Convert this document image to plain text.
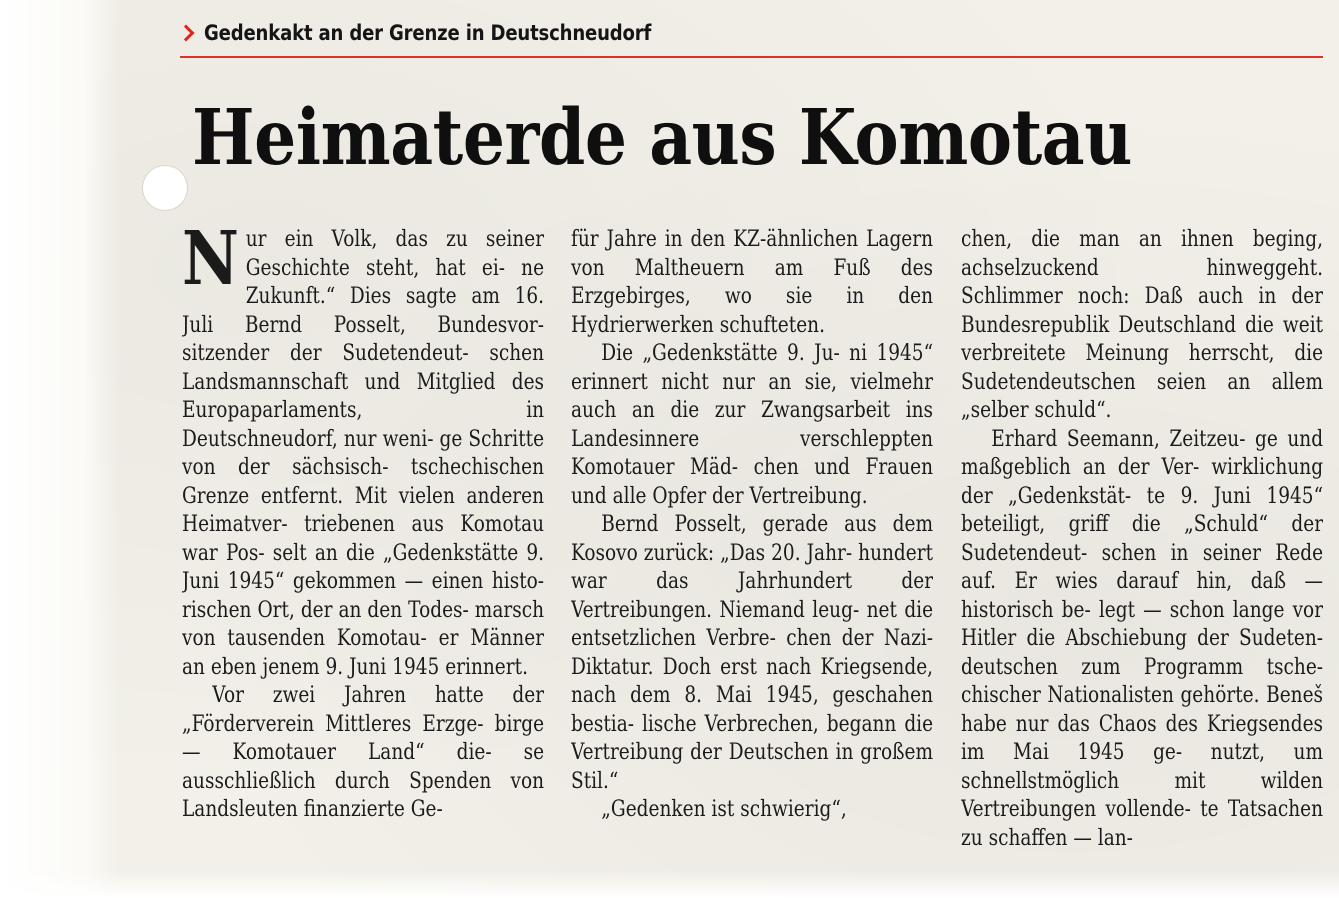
Gedenkakt an der Grenze in Deutschneudorf
Heimaterde aus Komotau

Nur ein Volk, das zu seiner Geschichte steht, hat ei- ne Zukunft.“ Dies sagte am 16. Juli Bernd Posselt, Bundesvor- sitzender der Sudetendeut- schen Landsmannschaft und Mitglied des Europaparlaments, in Deutschneudorf, nur weni- ge Schritte von der sächsisch- tschechischen Grenze entfernt. Mit vielen anderen Heimatver- triebenen aus Komotau war Pos- selt an die „Gedenkstätte 9. Juni 1945“ gekommen — einen histo- rischen Ort, der an den Todes- marsch von tausenden Komotau- er Männer an eben jenem 9. Juni 1945 erinnert.

Vor zwei Jahren hatte der „Förderverein Mittleres Erzge- birge — Komotauer Land“ die- se ausschließlich durch Spenden von Landsleuten finanzierte Ge-

für Jahre in den KZ-ähnlichen Lagern von Maltheuern am Fuß des Erzgebirges, wo sie in den Hydrierwerken schufteten.

Die „Gedenkstätte 9. Ju- ni 1945“ erinnert nicht nur an sie, vielmehr auch an die zur Zwangsarbeit ins Landesinnere verschleppten Komotauer Mäd- chen und Frauen und alle Opfer der Vertreibung.

Bernd Posselt, gerade aus dem Kosovo zurück: „Das 20. Jahr- hundert war das Jahrhundert der Vertreibungen. Niemand leug- net die entsetzlichen Verbre- chen der Nazi-Diktatur. Doch erst nach Kriegsende, nach dem 8. Mai 1945, geschahen bestia- lische Verbrechen, begann die Vertreibung der Deutschen in großem Stil.“

„Gedenken ist schwierig“,

chen, die man an ihnen beging, achselzuckend hinweggeht. Schlimmer noch: Daß auch in der Bundesrepublik Deutschland die weit verbreitete Meinung herrscht, die Sudetendeutschen seien an allem „selber schuld“.

Erhard Seemann, Zeitzeu- ge und maßgeblich an der Ver- wirklichung der „Gedenkstät- te 9. Juni 1945“ beteiligt, griff die „Schuld“ der Sudetendeut- schen in seiner Rede auf. Er wies darauf hin, daß — historisch be- legt — schon lange vor Hitler die Abschiebung der Sudeten- deutschen zum Programm tsche- chischer Nationalisten gehörte. Beneš habe nur das Chaos des Kriegsendes im Mai 1945 ge- nutzt, um schnellstmöglich mit wilden Vertreibungen vollende- te Tatsachen zu schaffen — lan-
